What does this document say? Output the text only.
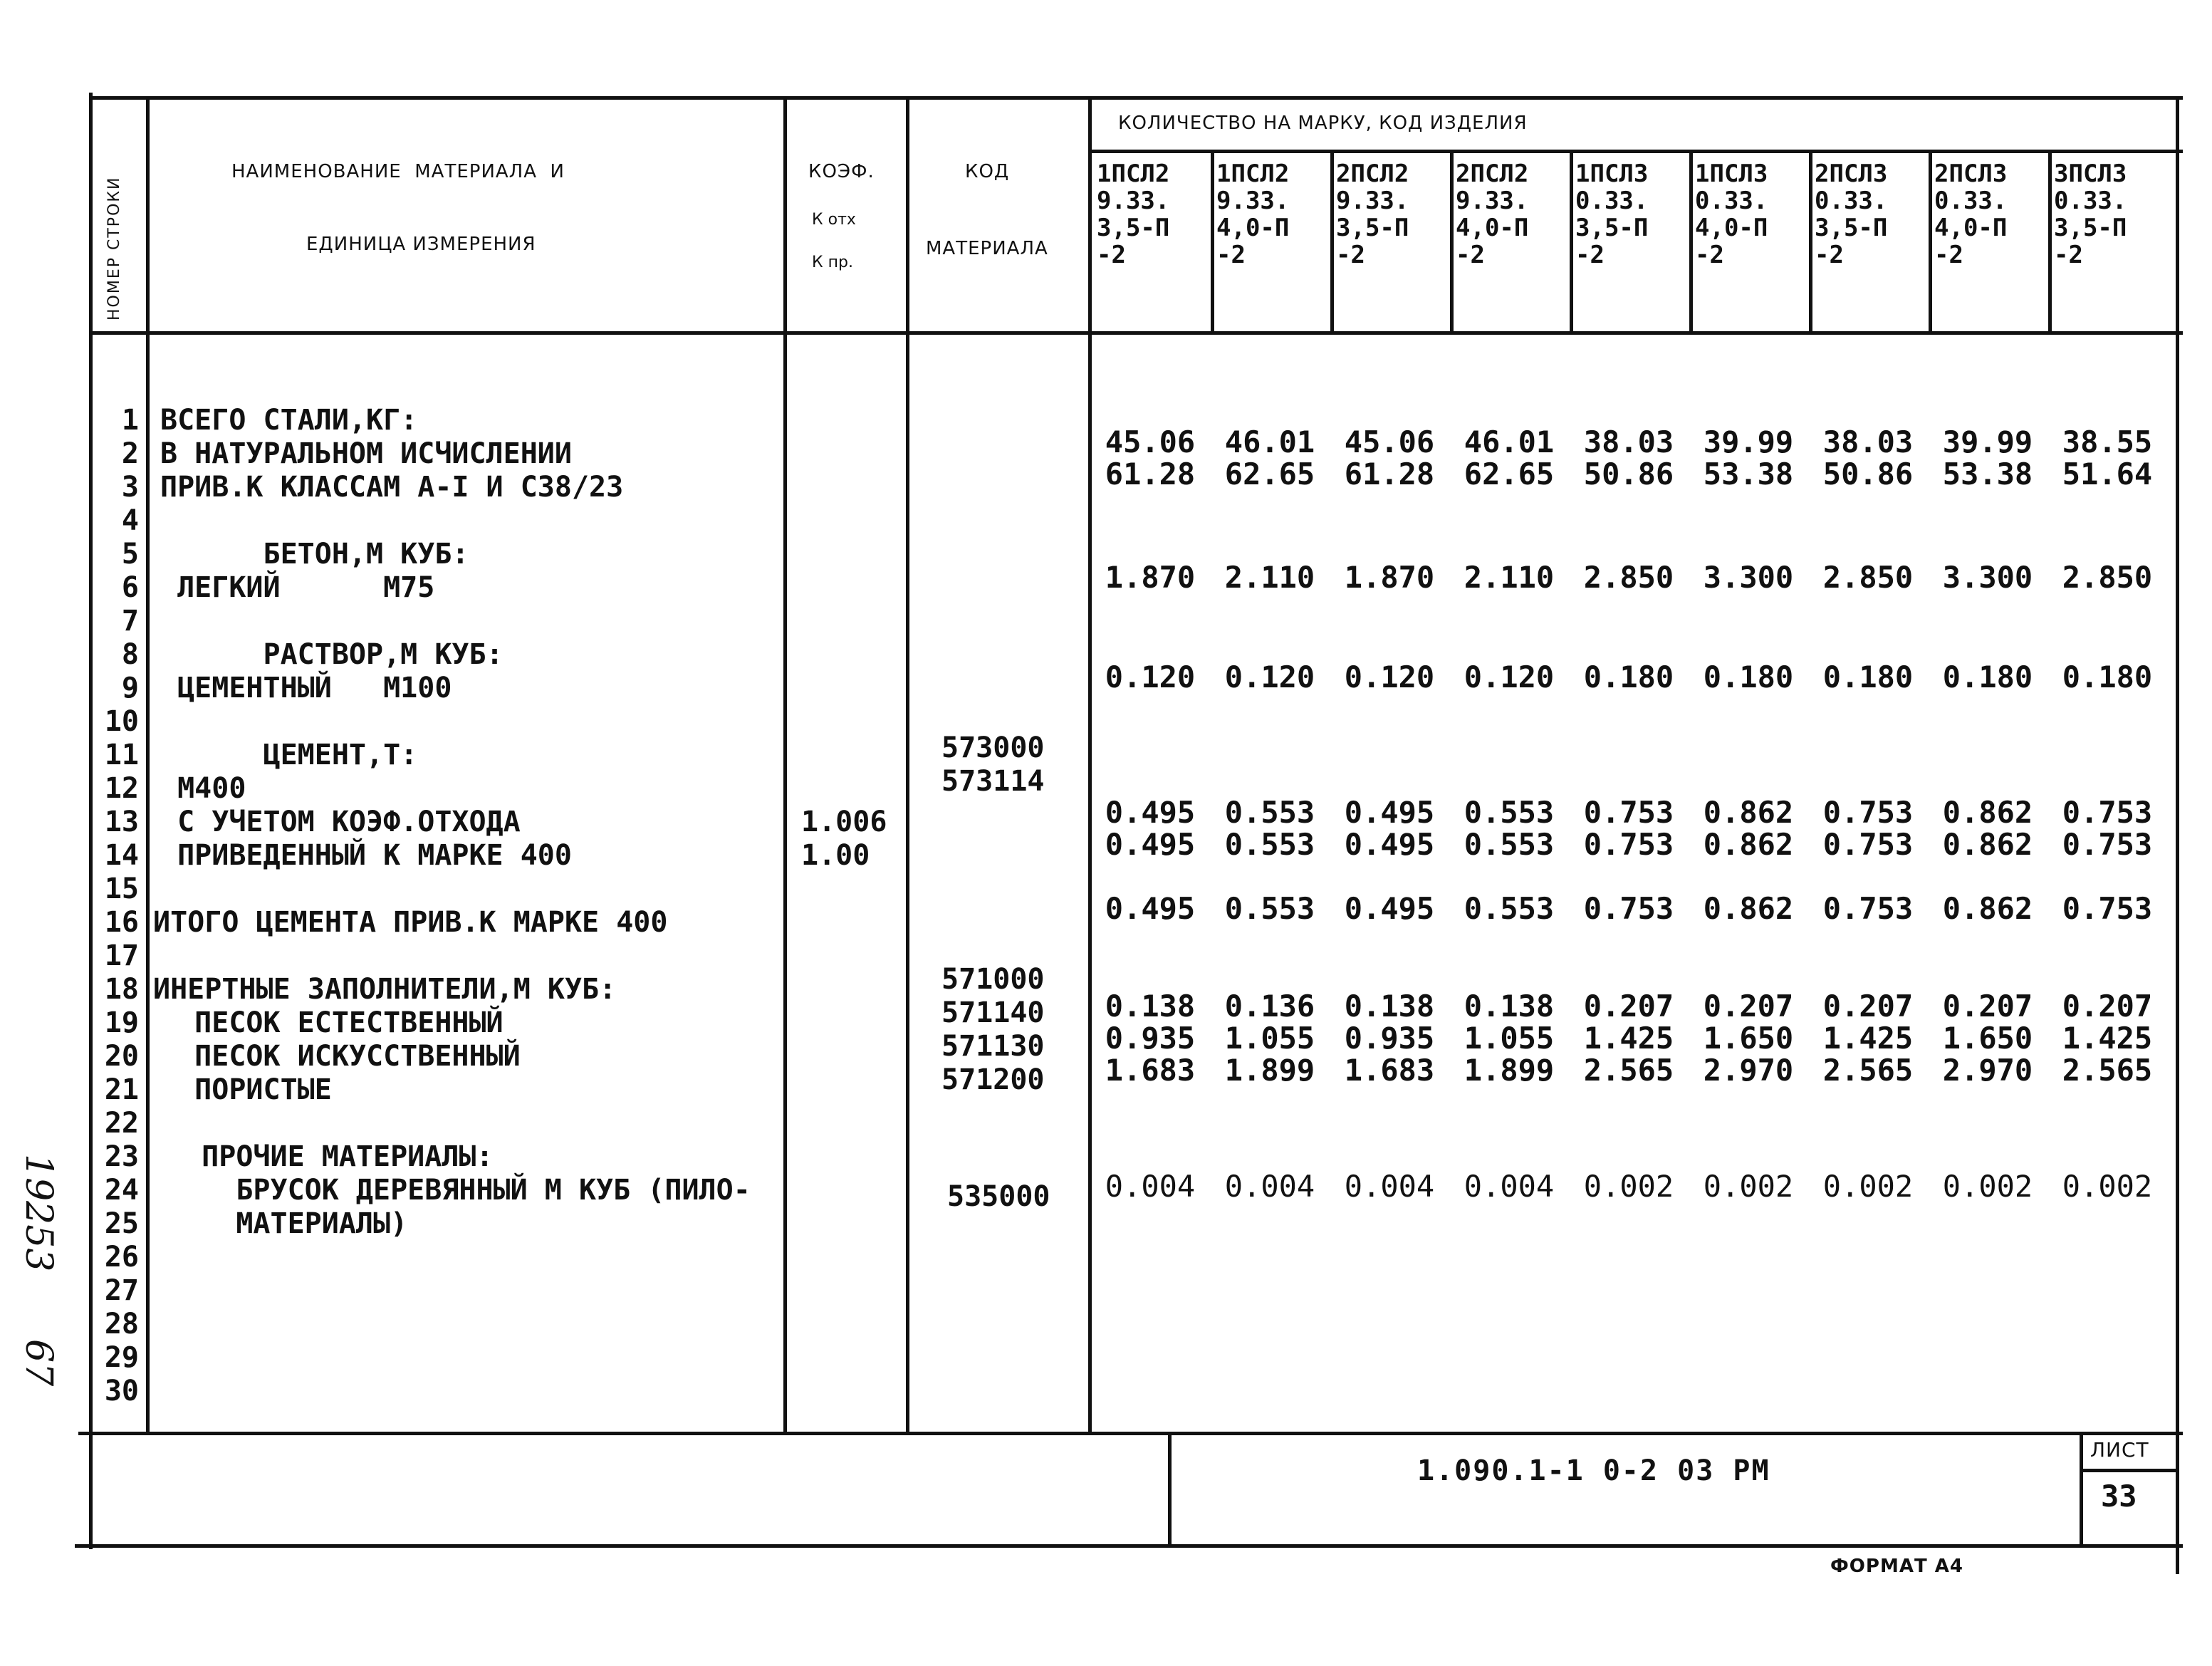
НОМЕР СТРОКИ
НАИМЕНОВАНИЕ  МАТЕРИАЛА  И
ЕДИНИЦА ИЗМЕРЕНИЯ
КОЭФ.
К отх
К пр.
КОД
МАТЕРИАЛА
КОЛИЧЕСТВО НА МАРКУ, КОД ИЗДЕЛИЯ
1ПСЛ2
9.33.
3,5-П
-2
1ПСЛ2
9.33.
4,0-П
-2
2ПСЛ2
9.33.
3,5-П
-2
2ПСЛ2
9.33.
4,0-П
-2
1ПСЛ3
0.33.
3,5-П
-2
1ПСЛ3
0.33.
4,0-П
-2
2ПСЛ3
0.33.
3,5-П
-2
2ПСЛ3
0.33.
4,0-П
-2
3ПСЛ3
0.33.
3,5-П
-2
1
2
3
4
5
6
7
8
9
10
11
12
13
14
15
16
17
18
19
20
21
22
23
24
25
26
27
28
29
30
ВСЕГО СТАЛИ,КГ:
В НАТУРАЛЬНОМ ИСЧИСЛЕНИИ
ПРИВ.К КЛАССАМ А-I И С38/23
БЕТОН,М КУБ:
ЛЕГКИЙ      М75
РАСТВОР,М КУБ:
ЦЕМЕНТНЫЙ   М100
ЦЕМЕНТ,Т:
М400
С УЧЕТОМ КОЭФ.ОТХОДА
ПРИВЕДЕННЫЙ К МАРКЕ 400
ИТОГО ЦЕМЕНТА ПРИВ.К МАРКЕ 400
ИНЕРТНЫЕ ЗАПОЛНИТЕЛИ,М КУБ:
ПЕСОК ЕСТЕСТВЕННЫЙ
ПЕСОК ИСКУССТВЕННЫЙ
ПОРИСТЫЕ
ПРОЧИЕ МАТЕРИАЛЫ:
БРУСОК ДЕРЕВЯННЫЙ М КУБ (ПИЛО-
МАТЕРИАЛЫ)
1.006
1.00
573000
573114
571000
571140
571130
571200
535000
45.06 46.01 45.06 46.01 38.03 39.99 38.03 39.99 38.55
61.28 62.65 61.28 62.65 50.86 53.38 50.86 53.38 51.64
1.870 2.110 1.870 2.110 2.850 3.300 2.850 3.300 2.850
0.120 0.120 0.120 0.120 0.180 0.180 0.180 0.180 0.180
0.495 0.553 0.495 0.553 0.753 0.862 0.753 0.862 0.753
0.495 0.553 0.495 0.553 0.753 0.862 0.753 0.862 0.753
0.495 0.553 0.495 0.553 0.753 0.862 0.753 0.862 0.753
0.138 0.136 0.138 0.138 0.207 0.207 0.207 0.207 0.207
0.935 1.055 0.935 1.055 1.425 1.650 1.425 1.650 1.425
1.683 1.899 1.683 1.899 2.565 2.970 2.565 2.970 2.565
0.004 0.004 0.004 0.004 0.002 0.002 0.002 0.002 0.002
1.090.1-1 0-2 03 РМ
ЛИСТ
33
ФОРМАТ А4
19253
67
